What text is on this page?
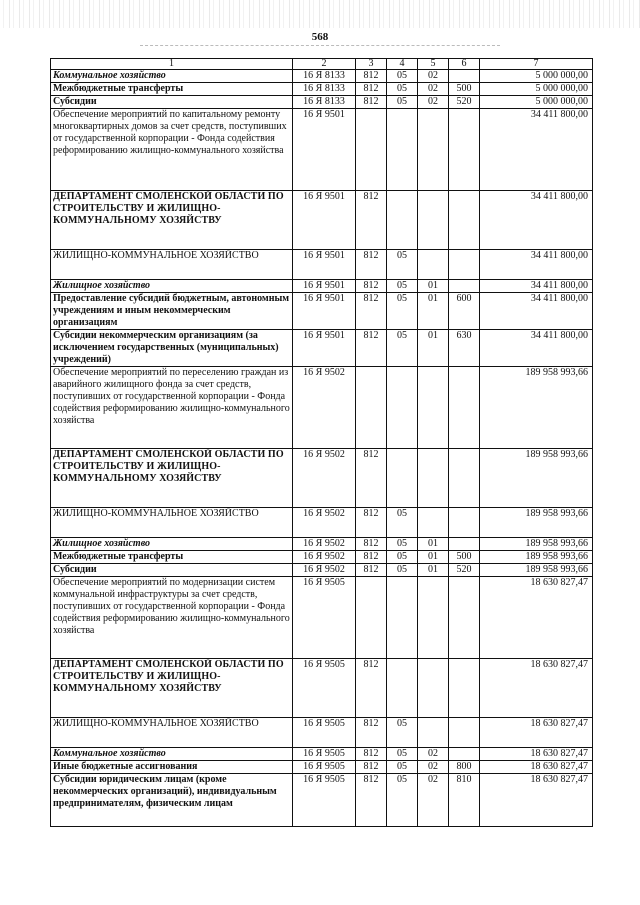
568
1	2	3	4	5	6	7
Коммунальное хозяйство	16 Я 8133	812	05	02		5 000 000,00
Межбюджетные трансферты	16 Я 8133	812	05	02	500	5 000 000,00
Субсидии	16 Я 8133	812	05	02	520	5 000 000,00
Обеспечение мероприятий по капитальному ремонту многоквартирных домов за счет средств, поступивших от государственной корпорации - Фонда содействия реформированию жилищно-коммунального хозяйства	16 Я 9501					34 411 800,00
ДЕПАРТАМЕНТ СМОЛЕНСКОЙ ОБЛАСТИ ПО СТРОИТЕЛЬСТВУ И ЖИЛИЩНО-КОММУНАЛЬНОМУ ХОЗЯЙСТВУ	16 Я 9501	812				34 411 800,00
ЖИЛИЩНО-КОММУНАЛЬНОЕ ХОЗЯЙСТВО	16 Я 9501	812	05			34 411 800,00
Жилищное хозяйство	16 Я 9501	812	05	01		34 411 800,00
Предоставление субсидий бюджетным, автономным учреждениям и иным некоммерческим организациям	16 Я 9501	812	05	01	600	34 411 800,00
Субсидии некоммерческим организациям (за исключением государственных (муниципальных) учреждений)	16 Я 9501	812	05	01	630	34 411 800,00
Обеспечение мероприятий по переселению граждан из аварийного жилищного фонда за счет средств, поступивших от государственной корпорации - Фонда содействия реформированию жилищно-коммунального хозяйства	16 Я 9502					189 958 993,66
ДЕПАРТАМЕНТ СМОЛЕНСКОЙ ОБЛАСТИ ПО СТРОИТЕЛЬСТВУ И ЖИЛИЩНО-КОММУНАЛЬНОМУ ХОЗЯЙСТВУ	16 Я 9502	812				189 958 993,66
ЖИЛИЩНО-КОММУНАЛЬНОЕ ХОЗЯЙСТВО	16 Я 9502	812	05			189 958 993,66
Жилищное хозяйство	16 Я 9502	812	05	01		189 958 993,66
Межбюджетные трансферты	16 Я 9502	812	05	01	500	189 958 993,66
Субсидии	16 Я 9502	812	05	01	520	189 958 993,66
Обеспечение мероприятий по модернизации систем коммунальной инфраструктуры за счет средств, поступивших от государственной корпорации - Фонда содействия реформированию жилищно-коммунального хозяйства	16 Я 9505					18 630 827,47
ДЕПАРТАМЕНТ СМОЛЕНСКОЙ ОБЛАСТИ ПО СТРОИТЕЛЬСТВУ И ЖИЛИЩНО-КОММУНАЛЬНОМУ ХОЗЯЙСТВУ	16 Я 9505	812				18 630 827,47
ЖИЛИЩНО-КОММУНАЛЬНОЕ ХОЗЯЙСТВО	16 Я 9505	812	05			18 630 827,47
Коммунальное хозяйство	16 Я 9505	812	05	02		18 630 827,47
Иные бюджетные ассигнования	16 Я 9505	812	05	02	800	18 630 827,47
Субсидии юридическим лицам (кроме некоммерческих организаций), индивидуальным предпринимателям, физическим лицам	16 Я 9505	812	05	02	810	18 630 827,47
